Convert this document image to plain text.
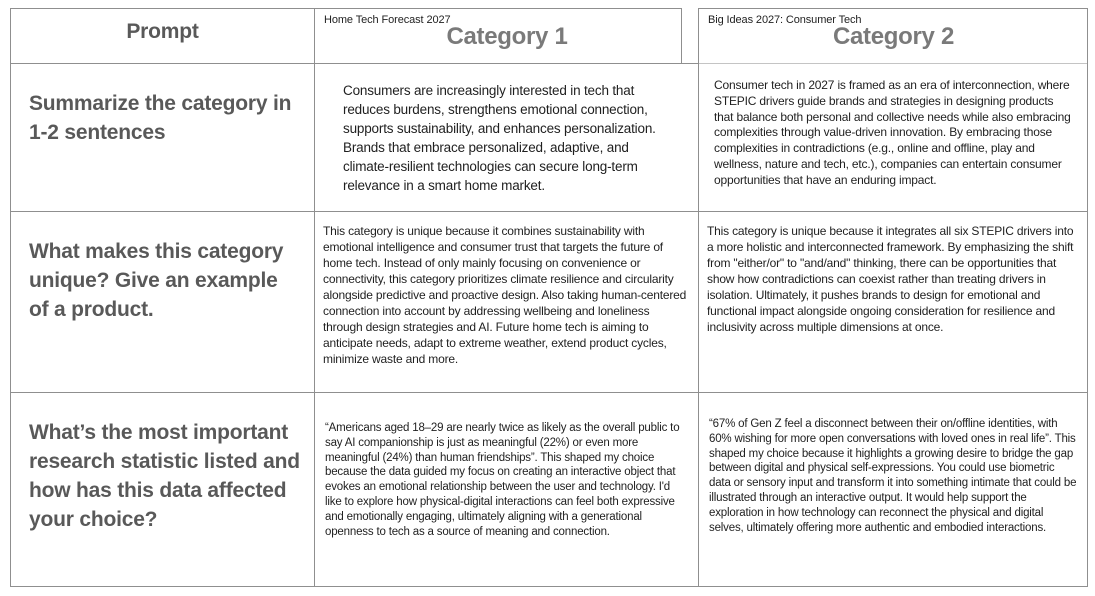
Prompt	Home Tech Forecast 2027
Category 1
Big Ideas 2027: Consumer Tech
Category 2
Summarize the category in 1-2 sentences
Consumers are increasingly interested in tech that reduces burdens, strengthens emotional connection, supports sustainability, and enhances personalization. Brands that embrace personalized, adaptive, and climate-resilient technologies can secure long-term relevance in a smart home market.
Consumer tech in 2027 is framed as an era of interconnection, where STEPIC drivers guide brands and strategies in designing products that balance both personal and collective needs while also embracing complexities through value-driven innovation. By embracing those complexities in contradictions (e.g., online and offline, play and wellness, nature and tech, etc.), companies can entertain consumer opportunities that have an enduring impact.
What makes this category unique? Give an example of a product.
This category is unique because it combines sustainability with emotional intelligence and consumer trust that targets the future of home tech. Instead of only mainly focusing on convenience or connectivity, this category prioritizes climate resilience and circularity alongside predictive and proactive design. Also taking human-centered connection into account by addressing wellbeing and loneliness through design strategies and AI. Future home tech is aiming to anticipate needs, adapt to extreme weather, extend product cycles, minimize waste and more.
This category is unique because it integrates all six STEPIC drivers into a more holistic and interconnected framework. By emphasizing the shift from "either/or" to "and/and" thinking, there can be opportunities that show how contradictions can coexist rather than treating drivers in isolation. Ultimately, it pushes brands to design for emotional and functional impact alongside ongoing consideration for resilience and inclusivity across multiple dimensions at once.
What’s the most important research statistic listed and how has this data affected your choice?
“Americans aged 18–29 are nearly twice as likely as the overall public to say AI companionship is just as meaningful (22%) or even more meaningful (24%) than human friendships”. This shaped my choice because the data guided my focus on creating an interactive object that evokes an emotional relationship between the user and technology. I'd like to explore how physical-digital interactions can feel both expressive and emotionally engaging, ultimately aligning with a generational openness to tech as a source of meaning and connection.
“67% of Gen Z feel a disconnect between their on/offline identities, with 60% wishing for more open conversations with loved ones in real life”. This shaped my choice because it highlights a growing desire to bridge the gap between digital and physical self-expressions. You could use biometric data or sensory input and transform it into something intimate that could be illustrated through an interactive output. It would help support the exploration in how technology can reconnect the physical and digital selves, ultimately offering more authentic and embodied interactions.
